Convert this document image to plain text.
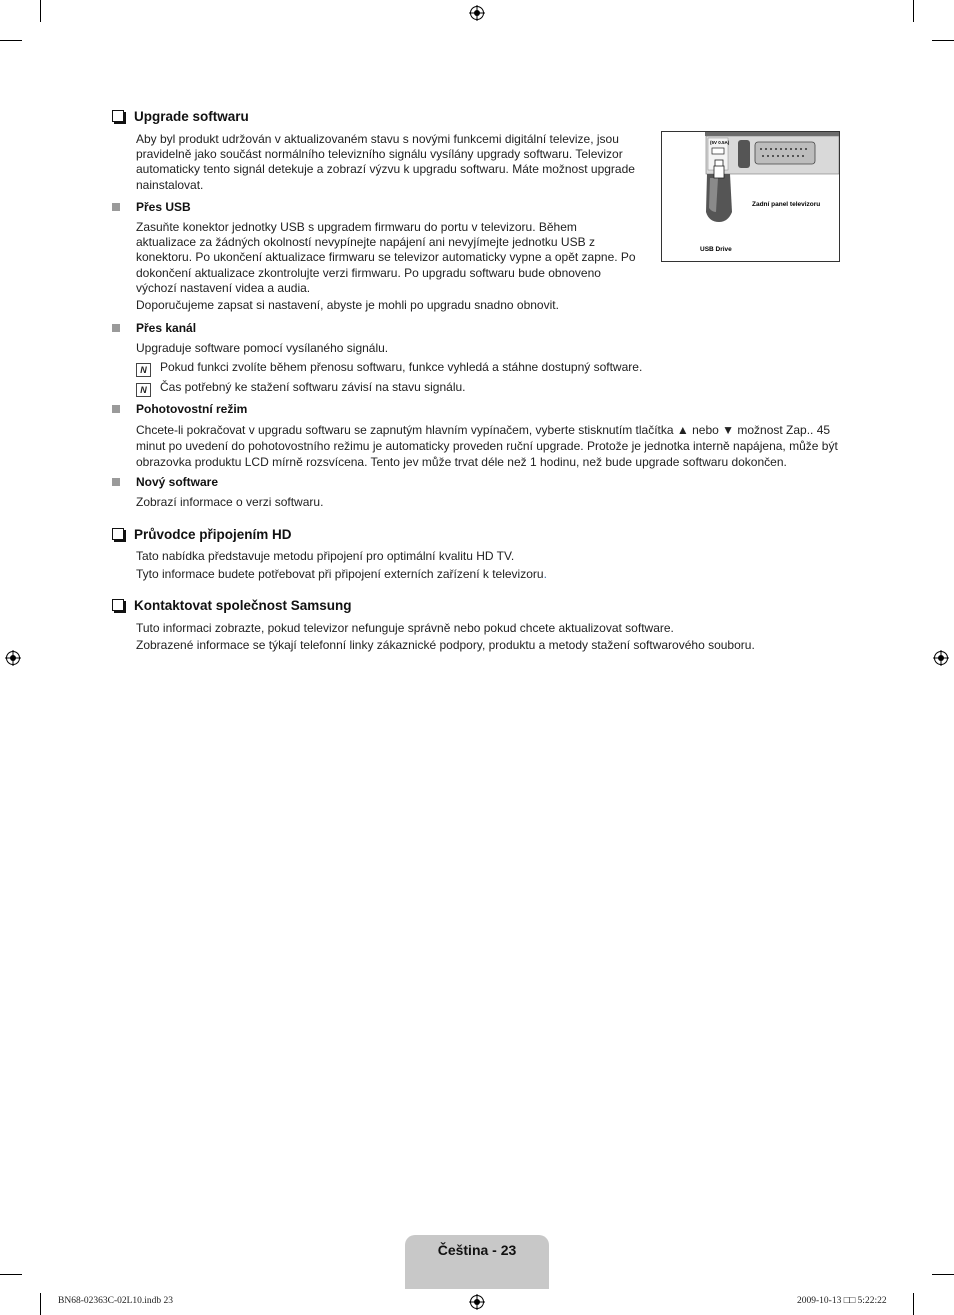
Upgrade softwaru
Aby byl produkt udržován v aktualizovaném stavu s novými funkcemi digitální televize, jsou pravidelně jako součást normálního televizního signálu vysílány upgrady softwaru. Televizor automaticky tento signál detekuje a zobrazí výzvu k upgradu softwaru. Máte možnost upgrade nainstalovat.
Přes USB
Zasuňte konektor jednotky USB s upgradem firmwaru do portu v televizoru. Během aktualizace za žádných okolností nevypínejte napájení ani nevyjímejte jednotku USB z konektoru. Po ukončení aktualizace firmwaru se televizor automaticky vypne a opět zapne. Po dokončení aktualizace zkontrolujte verzi firmwaru. Po upgradu softwaru bude obnoveno výchozí nastavení videa a audia.
Doporučujeme zapsat si nastavení, abyste je mohli po upgradu snadno obnovit.
(5V 0.5A)
Zadní panel televizoru
USB Drive
Přes kanál
Upgraduje software pomocí vysílaného signálu.
N Pokud funkci zvolíte během přenosu softwaru, funkce vyhledá a stáhne dostupný software.
N Čas potřebný ke stažení softwaru závisí na stavu signálu.
Pohotovostní režim
Chcete-li pokračovat v upgradu softwaru se zapnutým hlavním vypínačem, vyberte stisknutím tlačítka ▲ nebo ▼ možnost Zap.. 45 minut po uvedení do pohotovostního režimu je automaticky proveden ruční upgrade. Protože je jednotka interně napájena, může být obrazovka produktu LCD mírně rozsvícena. Tento jev může trvat déle než 1 hodinu, než bude upgrade softwaru dokončen.
Nový software
Zobrazí informace o verzi softwaru.
Průvodce připojením HD
Tato nabídka představuje metodu připojení pro optimální kvalitu HD TV.
Tyto informace budete potřebovat při připojení externích zařízení k televizoru.
Kontaktovat společnost Samsung
Tuto informaci zobrazte, pokud televizor nefunguje správně nebo pokud chcete aktualizovat software.
Zobrazené informace se týkají telefonní linky zákaznické podpory, produktu a metody stažení softwarového souboru.
Čeština - 23
BN68-02363C-02L10.indb 23	2009-10-13 □□ 5:22:22
